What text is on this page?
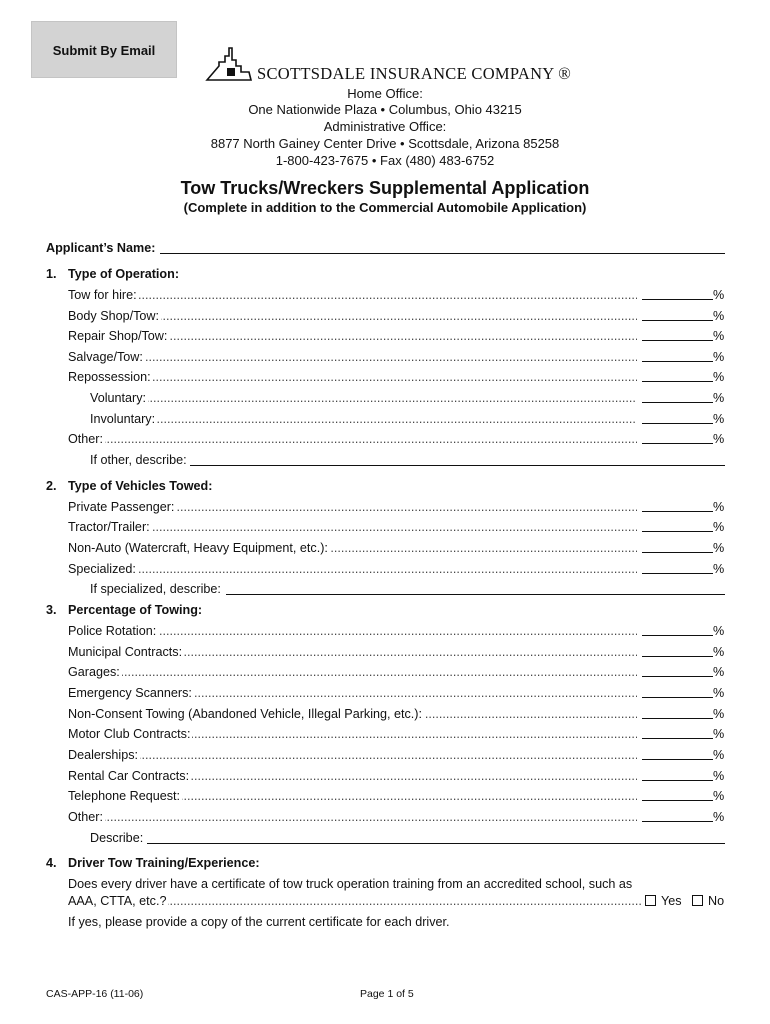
Submit By Email
SCOTTSDALE INSURANCE COMPANY ®
Home Office:
One Nationwide Plaza • Columbus, Ohio 43215
Administrative Office:
8877 North Gainey Center Drive • Scottsdale, Arizona 85258
1-800-423-7675 • Fax (480) 483-6752
Tow Trucks/Wreckers Supplemental Application
(Complete in addition to the Commercial Automobile Application)
Applicant’s Name:
1. Type of Operation:
Tow for hire: .....	%
Body Shop/Tow: .....	%
Repair Shop/Tow: .....	%
Salvage/Tow: .....	%
Repossession: .....	%
Voluntary: .....	%
Involuntary: .....	%
Other: .....	%
If other, describe:
2. Type of Vehicles Towed:
Private Passenger: .....	%
Tractor/Trailer: .....	%
Non-Auto (Watercraft, Heavy Equipment, etc.): .....	%
Specialized: .....	%
If specialized, describe:
3. Percentage of Towing:
Police Rotation: .....	%
Municipal Contracts: .....	%
Garages: .....	%
Emergency Scanners: .....	%
Non-Consent Towing (Abandoned Vehicle, Illegal Parking, etc.): .....	%
Motor Club Contracts: .....	%
Dealerships: .....	%
Rental Car Contracts: .....	%
Telephone Request: .....	%
Other: .....	%
Describe:
4. Driver Tow Training/Experience:
Does every driver have a certificate of tow truck operation training from an accredited school, such as
AAA, CTTA, etc.? .....	Yes No
If yes, please provide a copy of the current certificate for each driver.
CAS-APP-16 (11-06)	Page 1 of 5
